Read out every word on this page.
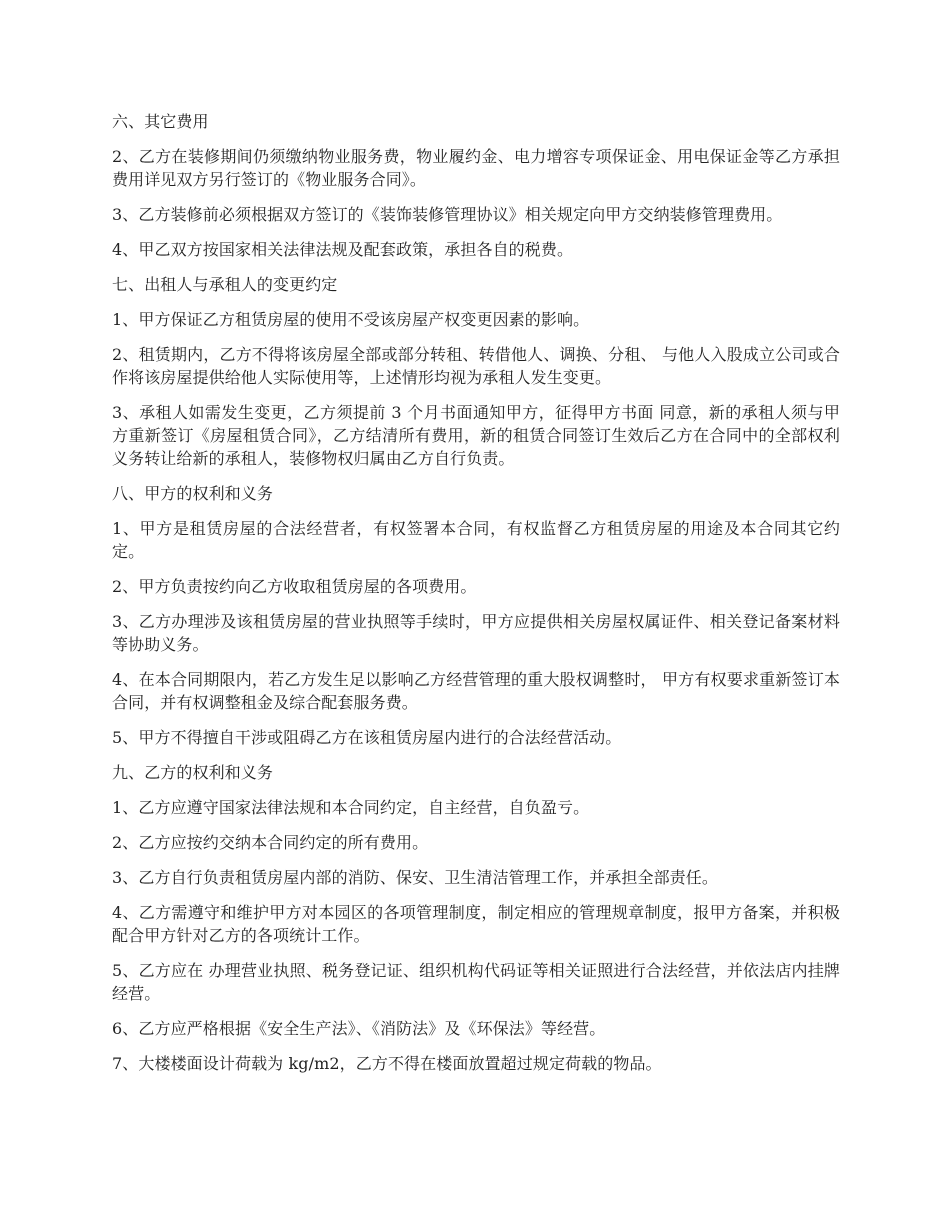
六、其它费用

2、乙方在装修期间仍须缴纳物业服务费，物业履约金、电力增容专项保证金、用电保证金等乙方承担费用详见双方另行签订的《物业服务合同》。

3、乙方装修前必须根据双方签订的《装饰装修管理协议》相关规定向甲方交纳装修管理费用。

4、甲乙双方按国家相关法律法规及配套政策，承担各自的税费。

七、出租人与承租人的变更约定

1、甲方保证乙方租赁房屋的使用不受该房屋产权变更因素的影响。

2、租赁期内，乙方不得将该房屋全部或部分转租、转借他人、调换、分租、 与他人入股成立公司或合作将该房屋提供给他人实际使用等，上述情形均视为承租人发生变更。

3、承租人如需发生变更，乙方须提前 3 个月书面通知甲方，征得甲方书面 同意，新的承租人须与甲方重新签订《房屋租赁合同》，乙方结清所有费用，新的租赁合同签订生效后乙方在合同中的全部权利义务转让给新的承租人，装修物权归属由乙方自行负责。

八、甲方的权利和义务

1、甲方是租赁房屋的合法经营者，有权签署本合同，有权监督乙方租赁房屋的用途及本合同其它约定。

2、甲方负责按约向乙方收取租赁房屋的各项费用。

3、乙方办理涉及该租赁房屋的营业执照等手续时，甲方应提供相关房屋权属证件、相关登记备案材料等协助义务。

4、在本合同期限内，若乙方发生足以影响乙方经营管理的重大股权调整时， 甲方有权要求重新签订本合同，并有权调整租金及综合配套服务费。

5、甲方不得擅自干涉或阻碍乙方在该租赁房屋内进行的合法经营活动。

九、乙方的权利和义务

1、乙方应遵守国家法律法规和本合同约定，自主经营，自负盈亏。

2、乙方应按约交纳本合同约定的所有费用。

3、乙方自行负责租赁房屋内部的消防、保安、卫生清洁管理工作，并承担全部责任。

4、乙方需遵守和维护甲方对本园区的各项管理制度，制定相应的管理规章制度，报甲方备案，并积极配合甲方针对乙方的各项统计工作。

5、乙方应在 办理营业执照、税务登记证、组织机构代码证等相关证照进行合法经营，并依法店内挂牌经营。

6、乙方应严格根据《安全生产法》、《消防法》及《环保法》等经营。

7、大楼楼面设计荷载为 kg/m2，乙方不得在楼面放置超过规定荷载的物品。
